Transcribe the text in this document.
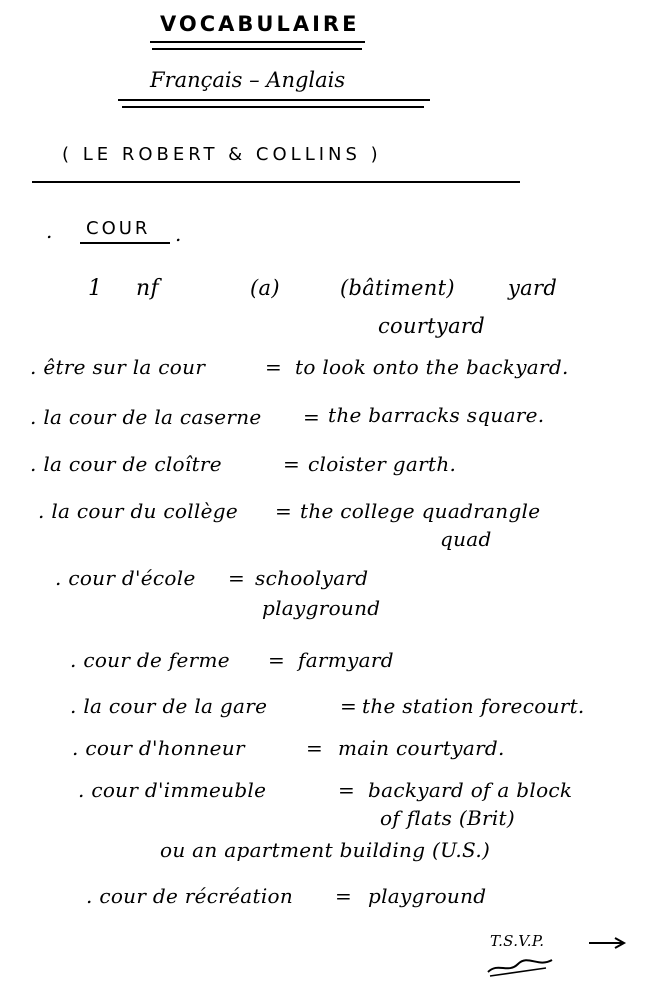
VOCABULAIRE
Français – Anglais
( LE ROBERT & COLLINS )
. COUR .
1 nf	(a)	(bâtiment)	yard
courtyard
. être sur la cour	= to look onto the backyard.
. la cour de la caserne = the barracks square.
. la cour de cloître	= cloister garth.
. la cour du collège = the college quadrangle
quad
. cour d'école = schoolyard
playground
. cour de ferme = farmyard
. la cour de la gare	= the station forecourt.
. cour d'honneur	= main courtyard.
. cour d'immeuble	= backyard of a block
of flats (Brit)
ou an apartment building (U.S.)
. cour de récréation = playground
T.S.V.P.
